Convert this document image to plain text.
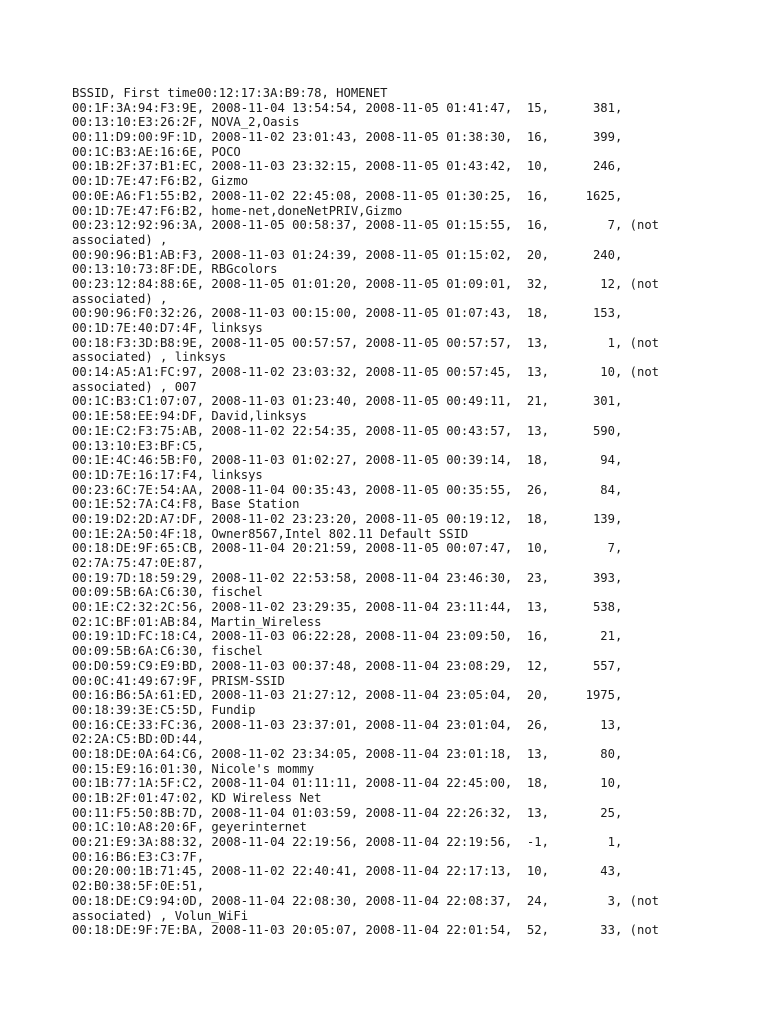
BSSID, First time00:12:17:3A:B9:78, HOMENET
00:1F:3A:94:F3:9E, 2008-11-04 13:54:54, 2008-11-05 01:41:47,  15,      381,
00:13:10:E3:26:2F, NOVA_2,Oasis
00:11:D9:00:9F:1D, 2008-11-02 23:01:43, 2008-11-05 01:38:30,  16,      399,
00:1C:B3:AE:16:6E, POCO
00:1B:2F:37:B1:EC, 2008-11-03 23:32:15, 2008-11-05 01:43:42,  10,      246,
00:1D:7E:47:F6:B2, Gizmo
00:0E:A6:F1:55:B2, 2008-11-02 22:45:08, 2008-11-05 01:30:25,  16,     1625,
00:1D:7E:47:F6:B2, home-net,doneNetPRIV,Gizmo
00:23:12:92:96:3A, 2008-11-05 00:58:37, 2008-11-05 01:15:55,  16,        7, (not
associated) ,
00:90:96:B1:AB:F3, 2008-11-03 01:24:39, 2008-11-05 01:15:02,  20,      240,
00:13:10:73:8F:DE, RBGcolors
00:23:12:84:88:6E, 2008-11-05 01:01:20, 2008-11-05 01:09:01,  32,       12, (not
associated) ,
00:90:96:F0:32:26, 2008-11-03 00:15:00, 2008-11-05 01:07:43,  18,      153,
00:1D:7E:40:D7:4F, linksys
00:18:F3:3D:B8:9E, 2008-11-05 00:57:57, 2008-11-05 00:57:57,  13,        1, (not
associated) , linksys
00:14:A5:A1:FC:97, 2008-11-02 23:03:32, 2008-11-05 00:57:45,  13,       10, (not
associated) , 007
00:1C:B3:C1:07:07, 2008-11-03 01:23:40, 2008-11-05 00:49:11,  21,      301,
00:1E:58:EE:94:DF, David,linksys
00:1E:C2:F3:75:AB, 2008-11-02 22:54:35, 2008-11-05 00:43:57,  13,      590,
00:13:10:E3:BF:C5,
00:1E:4C:46:5B:F0, 2008-11-03 01:02:27, 2008-11-05 00:39:14,  18,       94,
00:1D:7E:16:17:F4, linksys
00:23:6C:7E:54:AA, 2008-11-04 00:35:43, 2008-11-05 00:35:55,  26,       84,
00:1E:52:7A:C4:F8, Base Station
00:19:D2:2D:A7:DF, 2008-11-02 23:23:20, 2008-11-05 00:19:12,  18,      139,
00:1E:2A:50:4F:18, Owner8567,Intel 802.11 Default SSID
00:18:DE:9F:65:CB, 2008-11-04 20:21:59, 2008-11-05 00:07:47,  10,        7,
02:7A:75:47:0E:87,
00:19:7D:18:59:29, 2008-11-02 22:53:58, 2008-11-04 23:46:30,  23,      393,
00:09:5B:6A:C6:30, fischel
00:1E:C2:32:2C:56, 2008-11-02 23:29:35, 2008-11-04 23:11:44,  13,      538,
02:1C:BF:01:AB:84, Martin_Wireless
00:19:1D:FC:18:C4, 2008-11-03 06:22:28, 2008-11-04 23:09:50,  16,       21,
00:09:5B:6A:C6:30, fischel
00:D0:59:C9:E9:BD, 2008-11-03 00:37:48, 2008-11-04 23:08:29,  12,      557,
00:0C:41:49:67:9F, PRISM-SSID
00:16:B6:5A:61:ED, 2008-11-03 21:27:12, 2008-11-04 23:05:04,  20,     1975,
00:18:39:3E:C5:5D, Fundip
00:16:CE:33:FC:36, 2008-11-03 23:37:01, 2008-11-04 23:01:04,  26,       13,
02:2A:C5:BD:0D:44,
00:18:DE:0A:64:C6, 2008-11-02 23:34:05, 2008-11-04 23:01:18,  13,       80,
00:15:E9:16:01:30, Nicole's mommy
00:1B:77:1A:5F:C2, 2008-11-04 01:11:11, 2008-11-04 22:45:00,  18,       10,
00:1B:2F:01:47:02, KD Wireless Net
00:11:F5:50:8B:7D, 2008-11-04 01:03:59, 2008-11-04 22:26:32,  13,       25,
00:1C:10:A8:20:6F, geyerinternet
00:21:E9:3A:88:32, 2008-11-04 22:19:56, 2008-11-04 22:19:56,  -1,        1,
00:16:B6:E3:C3:7F,
00:20:00:1B:71:45, 2008-11-02 22:40:41, 2008-11-04 22:17:13,  10,       43,
02:B0:38:5F:0E:51,
00:18:DE:C9:94:0D, 2008-11-04 22:08:30, 2008-11-04 22:08:37,  24,        3, (not
associated) , Volun_WiFi
00:18:DE:9F:7E:BA, 2008-11-03 20:05:07, 2008-11-04 22:01:54,  52,       33, (not
